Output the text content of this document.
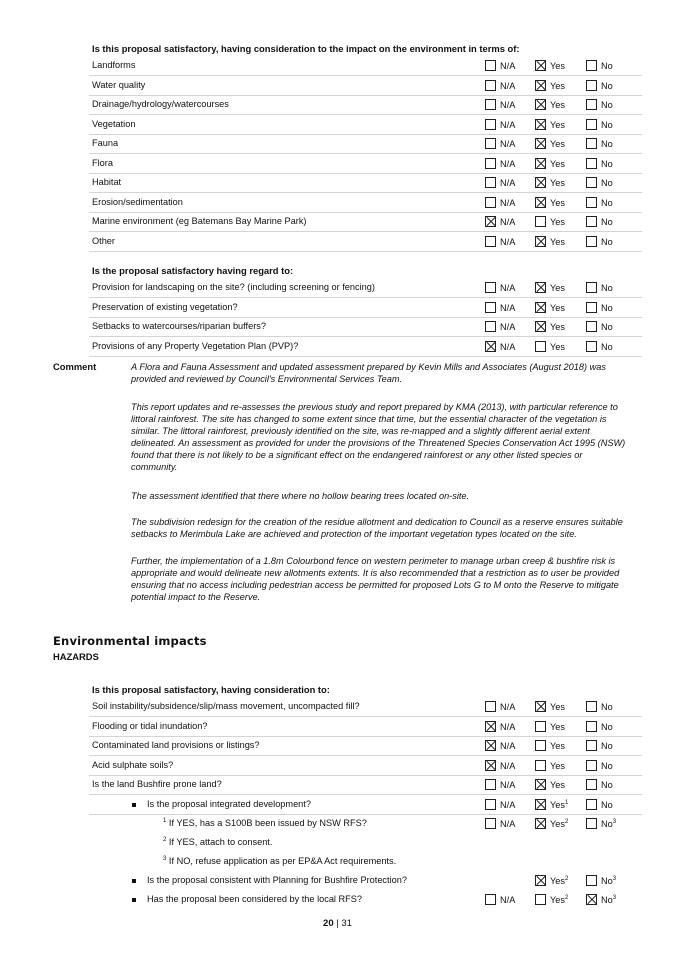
Is this proposal satisfactory, having consideration to the impact on the environment in terms of:
Landforms	N/A	Yes	No
Water quality	N/A	Yes	No
Drainage/hydrology/watercourses	N/A	Yes	No
Vegetation	N/A	Yes	No
Fauna	N/A	Yes	No
Flora	N/A	Yes	No
Habitat	N/A	Yes	No
Erosion/sedimentation	N/A	Yes	No
Marine environment (eg Batemans Bay Marine Park)	N/A	Yes	No
Other	N/A	Yes	No
Is the proposal satisfactory having regard to:
Provision for landscaping on the site? (including screening or fencing)	N/A	Yes	No
Preservation of existing vegetation?	N/A	Yes	No
Setbacks to watercourses/riparian buffers?	N/A	Yes	No
Provisions of any Property Vegetation Plan (PVP)?	N/A	Yes	No
Comment	A Flora and Fauna Assessment and updated assessment prepared by Kevin Mills and Associates (August 2018) was provided and reviewed by Council's Environmental Services Team.

This report updates and re-assesses the previous study and report prepared by KMA (2013), with particular reference to littoral rainforest. The site has changed to some extent since that time, but the essential character of the vegetation is similar. The littoral rainforest, previously identified on the site, was re-mapped and a slightly different aerial extent delineated. An assessment as provided for under the provisions of the Threatened Species Conservation Act 1995 (NSW) found that there is not likely to be a significant effect on the endangered rainforest or any other listed species or community.

The assessment identified that there where no hollow bearing trees located on-site.

The subdivision redesign for the creation of the residue allotment and dedication to Council as a reserve ensures suitable setbacks to Merimbula Lake are achieved and protection of the important vegetation types located on the site.

Further, the implementation of a 1.8m Colourbond fence on western perimeter to manage urban creep & bushfire risk is appropriate and would delineate new allotments extents. It is also recommended that a restriction as to user be provided ensuring that no access including pedestrian access be permitted for proposed Lots G to M onto the Reserve to mitigate potential impact to the Reserve.

Environmental impacts
HAZARDS
Is this proposal satisfactory, having consideration to:
Soil instability/subsidence/slip/mass movement, uncompacted fill?	N/A	Yes	No
Flooding or tidal inundation?	N/A	Yes	No
Contaminated land provisions or listings?	N/A	Yes	No
Acid sulphate soils?	N/A	Yes	No
Is the land Bushfire prone land?	N/A	Yes	No
Is the proposal integrated development?	N/A	Yes$^1$	No
$^1$ If YES, has a S100B been issued by NSW RFS?	N/A	Yes$^2$	No$^3$
$^2$ If YES, attach to consent.
$^3$ If NO, refuse application as per EP&A Act requirements.
Is the proposal consistent with Planning for Bushfire Protection?	Yes$^2$	No$^3$
Has the proposal been considered by the local RFS?	N/A	Yes$^2$	No$^3$
20 | 31
